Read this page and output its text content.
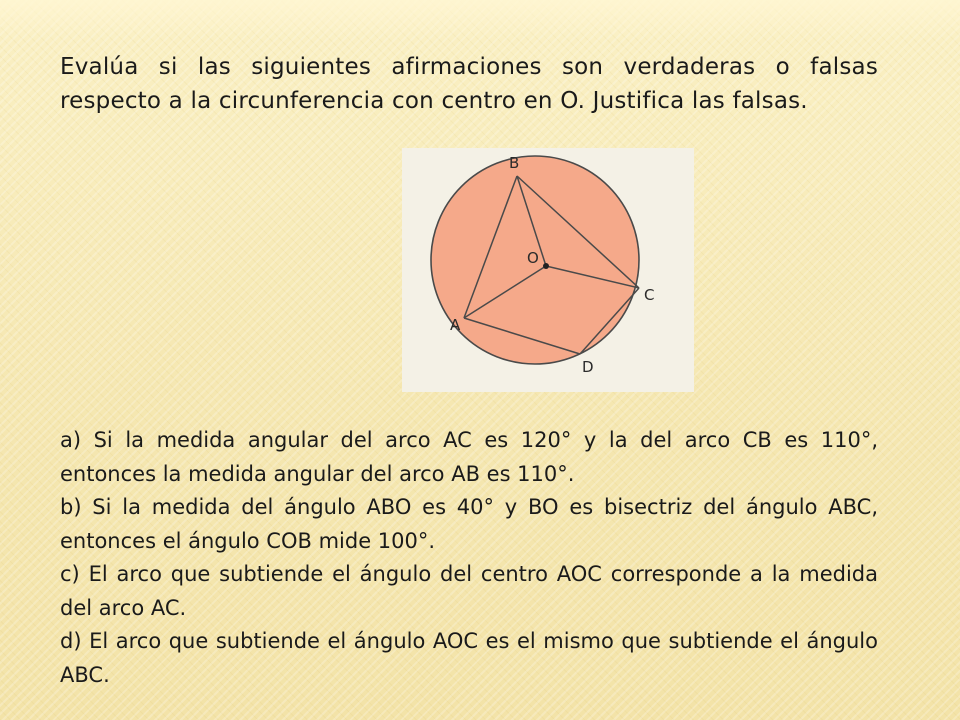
Evalúa si las siguientes afirmaciones son verdaderas o falsas respecto a la circunferencia con centro en O. Justifica las falsas.

B
O
C
A
D

a) Si la medida angular del arco AC es 120° y la del arco CB es 110°, entonces la medida angular del arco AB es 110°.

b) Si la medida del ángulo ABO es 40° y BO es bisectriz del ángulo ABC, entonces el ángulo COB mide 100°.

c) El arco que subtiende el ángulo del centro AOC corresponde a la medida del arco AC.

d) El arco que subtiende el ángulo AOC es el mismo que subtiende el ángulo ABC.
